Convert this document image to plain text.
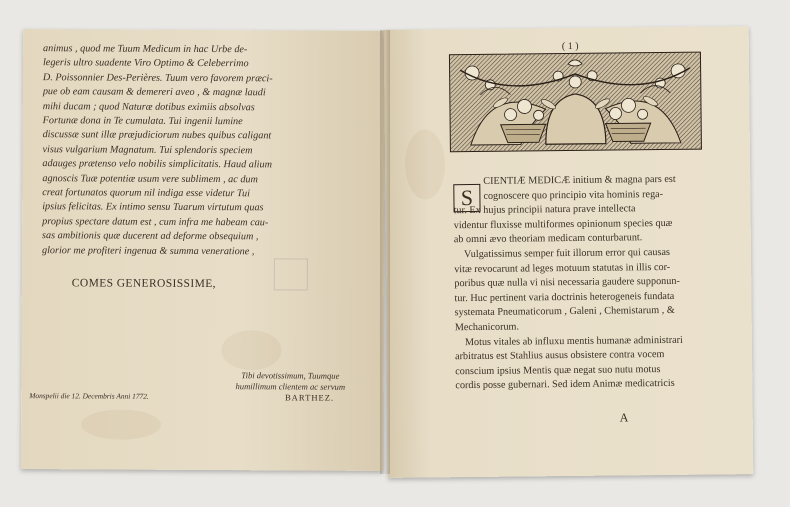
animus , quod me Tuum Medicum in hac Urbe de-
legeris ultro suadente Viro Optimo & Celeberrimo
D. Poissonnier Des-Perières. Tuum vero favorem præci-
pue ob eam causam & demereri aveo , & magnæ laudi
mihi ducam ; quod Naturæ dotibus eximiis absolvas
Fortunæ dona in Te cumulata. Tui ingenii lumine
discussæ sunt illæ præjudiciorum nubes quibus caligant
visus vulgarium Magnatum. Tui splendoris speciem
adauges prætenso velo nobilis simplicitatis. Haud alium
agnoscis Tuæ potentiæ usum vere sublimem , ac dum
creat fortunatos quorum nil indiga esse videtur Tui
ipsius felicitas. Ex intimo sensu Tuarum virtutum quas
propius spectare datum est , cum infra me habeam cau-
sas ambitionis quæ ducerent ad deforme obsequium ,
glorior me profiteri ingenua & summa veneratione ,
COMES GENEROSISSIME,
Tibi devotissimum, Tuumque
humillimum clientem ac servum
BARTHEZ.
Monspelii die 12. Decembris Anni 1772.
( 1 )
S
CIENTIÆ MEDICÆ initium & magna pars est
cognoscere quo principio vita hominis rega-
tur. Ex hujus principii natura prave intellecta
videntur fluxisse multiformes opinionum species quæ
ab omni ævo theoriam medicam conturbarunt.
Vulgatissimus semper fuit illorum error qui causas
vitæ revocarunt ad leges motuum statutas in illis cor-
poribus quæ nulla vi nisi necessaria gaudere supponun-
tur. Huc pertinent varia doctrinis heterogeneis fundata
systemata Pneumaticorum , Galeni , Chemistarum , &
Mechanicorum.
Motus vitales ab influxu mentis humanæ administrari
arbitratus est Stahlius ausus obsistere contra vocem
conscium ipsius Mentis quæ negat suo nutu motus
cordis posse gubernari. Sed idem Animæ medicatricis
A
